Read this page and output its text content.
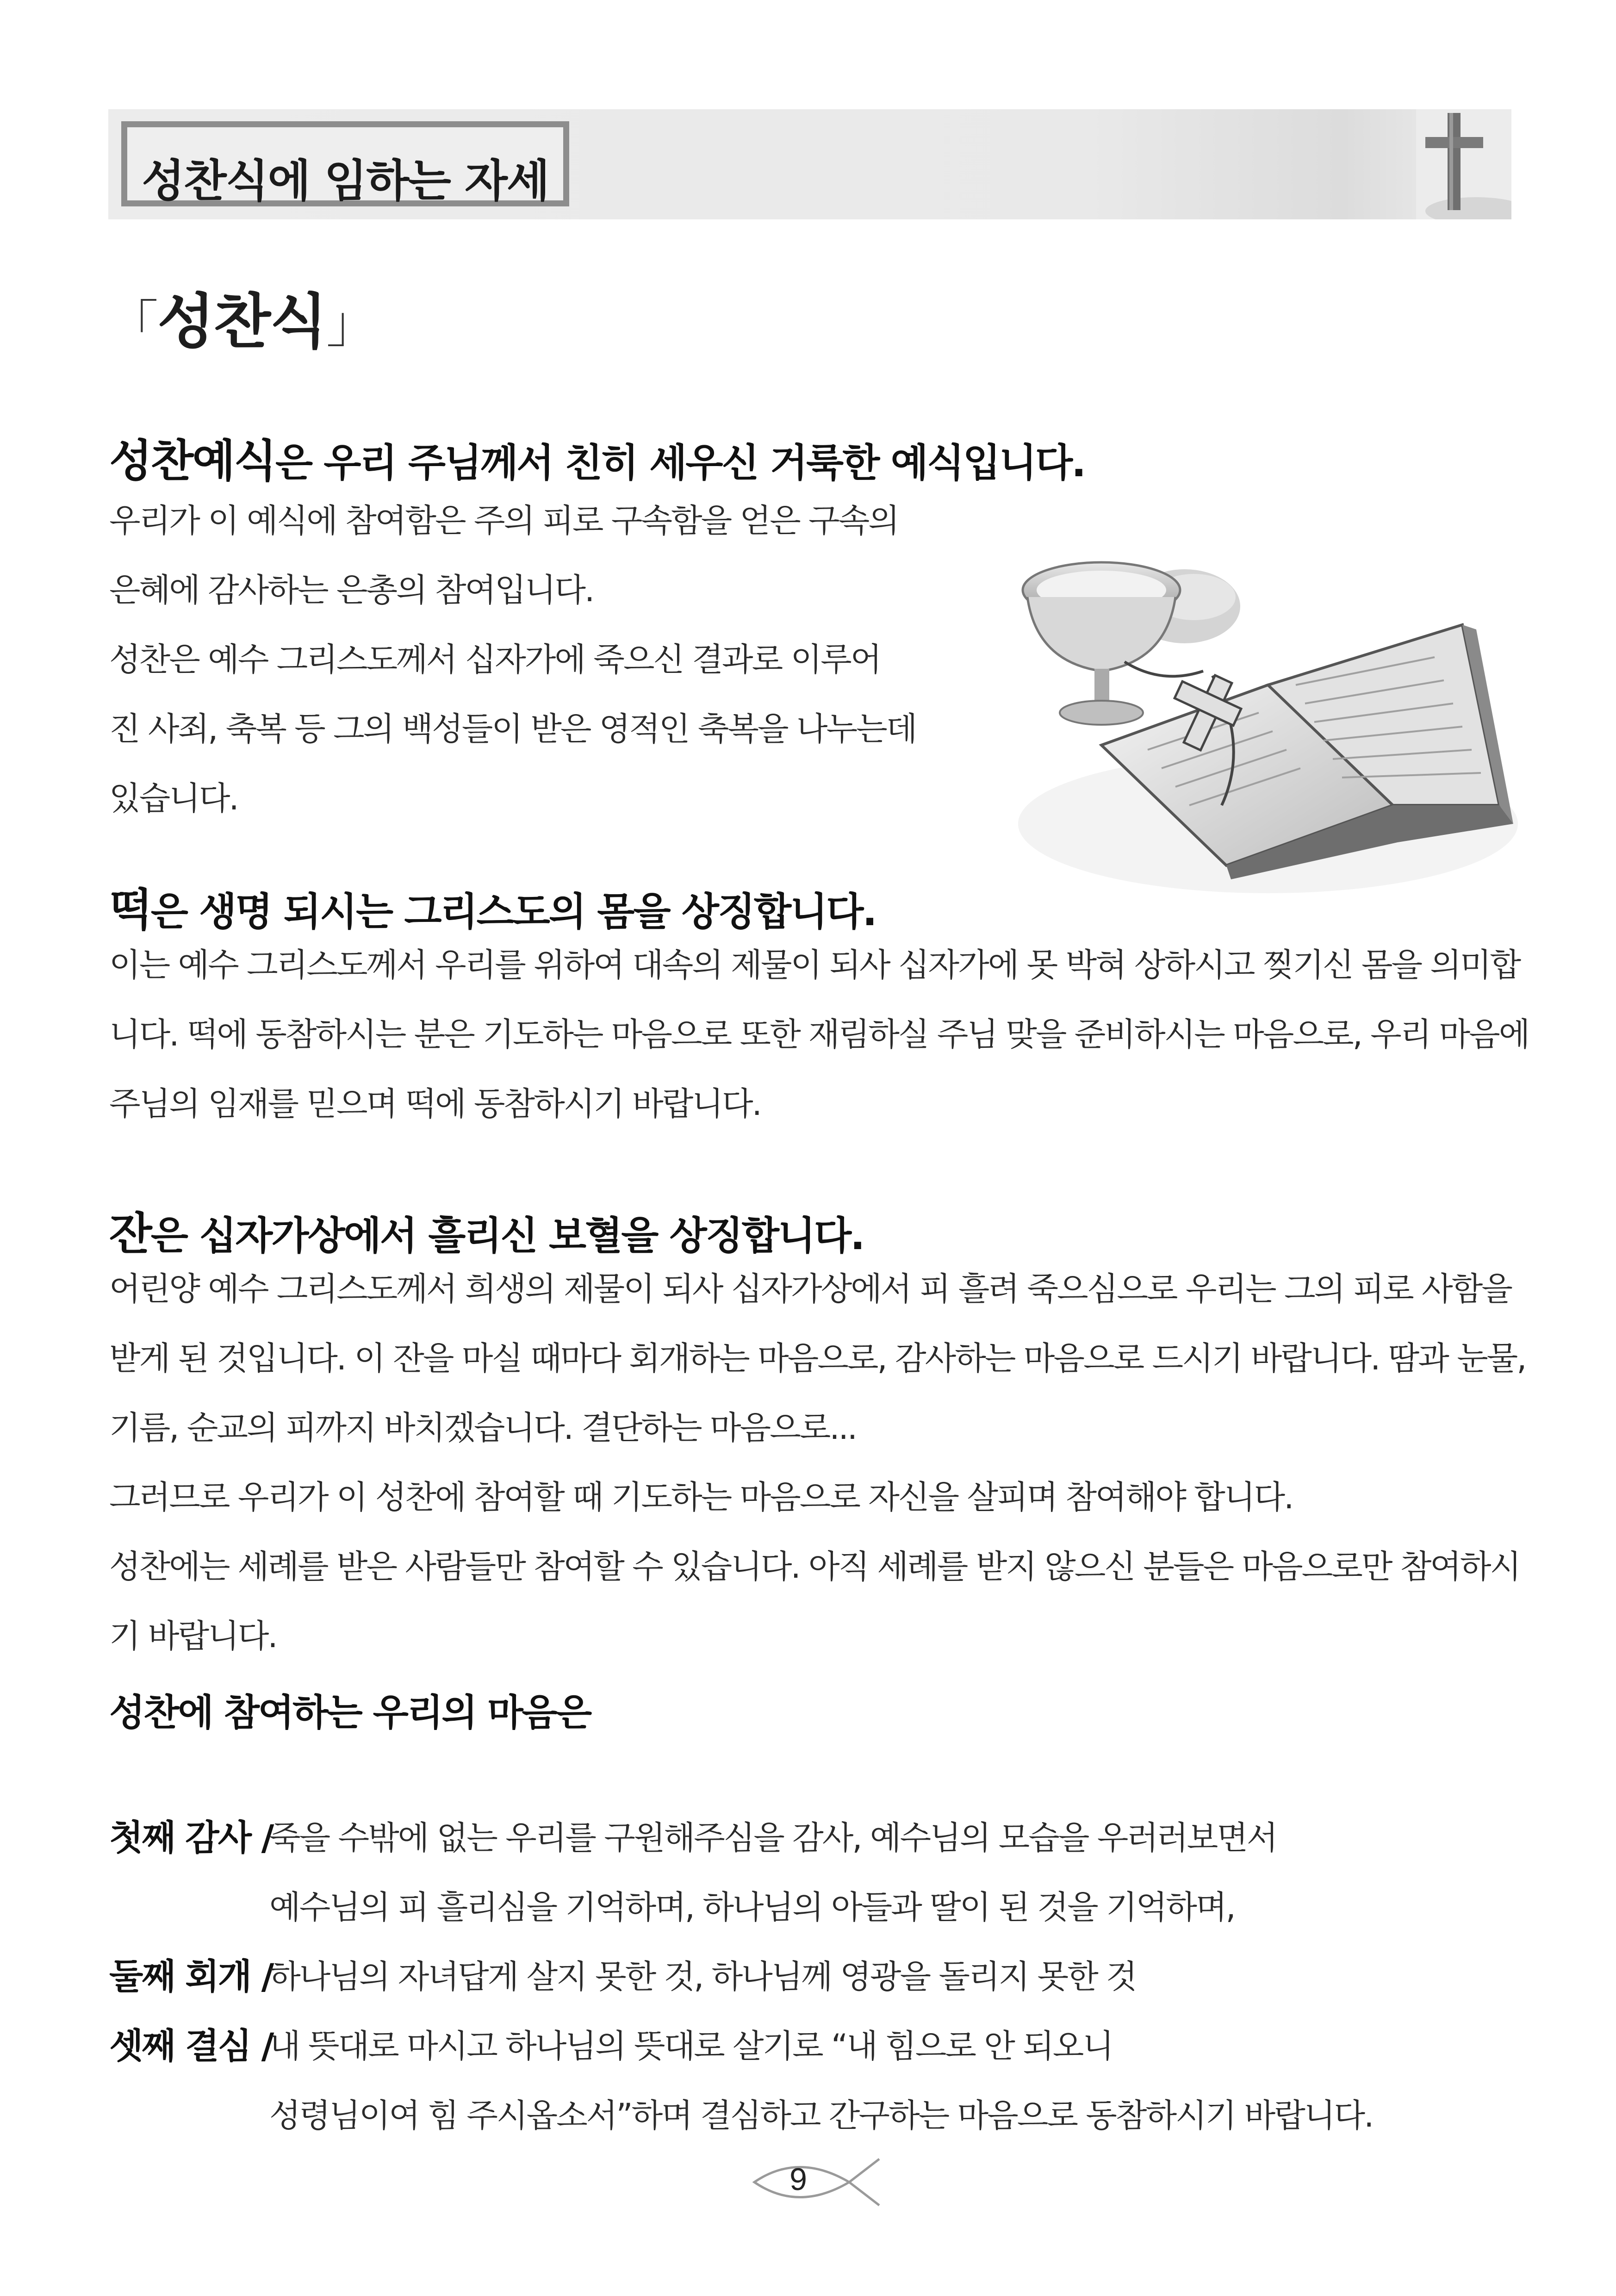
성찬식에 임하는 자세
「성찬식」
성찬예식은 우리 주님께서 친히 세우신 거룩한 예식입니다.
우리가 이 예식에 참여함은 주의 피로 구속함을 얻은 구속의
은혜에 감사하는 은총의 참여입니다.
성찬은 예수 그리스도께서 십자가에 죽으신 결과로 이루어
진 사죄, 축복 등 그의 백성들이 받은 영적인 축복을 나누는데
있습니다.
떡은 생명 되시는 그리스도의 몸을 상징합니다.
이는 예수 그리스도께서 우리를 위하여 대속의 제물이 되사 십자가에 못 박혀 상하시고 찢기신 몸을 의미합
니다. 떡에 동참하시는 분은 기도하는 마음으로 또한 재림하실 주님 맞을 준비하시는 마음으로, 우리 마음에
주님의 임재를 믿으며 떡에 동참하시기 바랍니다.
잔은 십자가상에서 흘리신 보혈을 상징합니다.
어린양 예수 그리스도께서 희생의 제물이 되사 십자가상에서 피 흘려 죽으심으로 우리는 그의 피로 사함을
받게 된 것입니다. 이 잔을 마실 때마다 회개하는 마음으로, 감사하는 마음으로 드시기 바랍니다. 땀과 눈물,
기름, 순교의 피까지 바치겠습니다. 결단하는 마음으로...
그러므로 우리가 이 성찬에 참여할 때 기도하는 마음으로 자신을 살피며 참여해야 합니다.
성찬에는 세례를 받은 사람들만 참여할 수 있습니다. 아직 세례를 받지 않으신 분들은 마음으로만 참여하시
기 바랍니다.
성찬에 참여하는 우리의 마음은
첫째 감사 /
죽을 수밖에 없는 우리를 구원해주심을 감사, 예수님의 모습을 우러러보면서
예수님의 피 흘리심을 기억하며, 하나님의 아들과 딸이 된 것을 기억하며,
둘째 회개 /
하나님의 자녀답게 살지 못한 것, 하나님께 영광을 돌리지 못한 것
셋째 결심 /
내 뜻대로 마시고 하나님의 뜻대로 살기로 “내 힘으로 안 되오니
성령님이여 힘 주시옵소서”하며 결심하고 간구하는 마음으로 동참하시기 바랍니다.
9
